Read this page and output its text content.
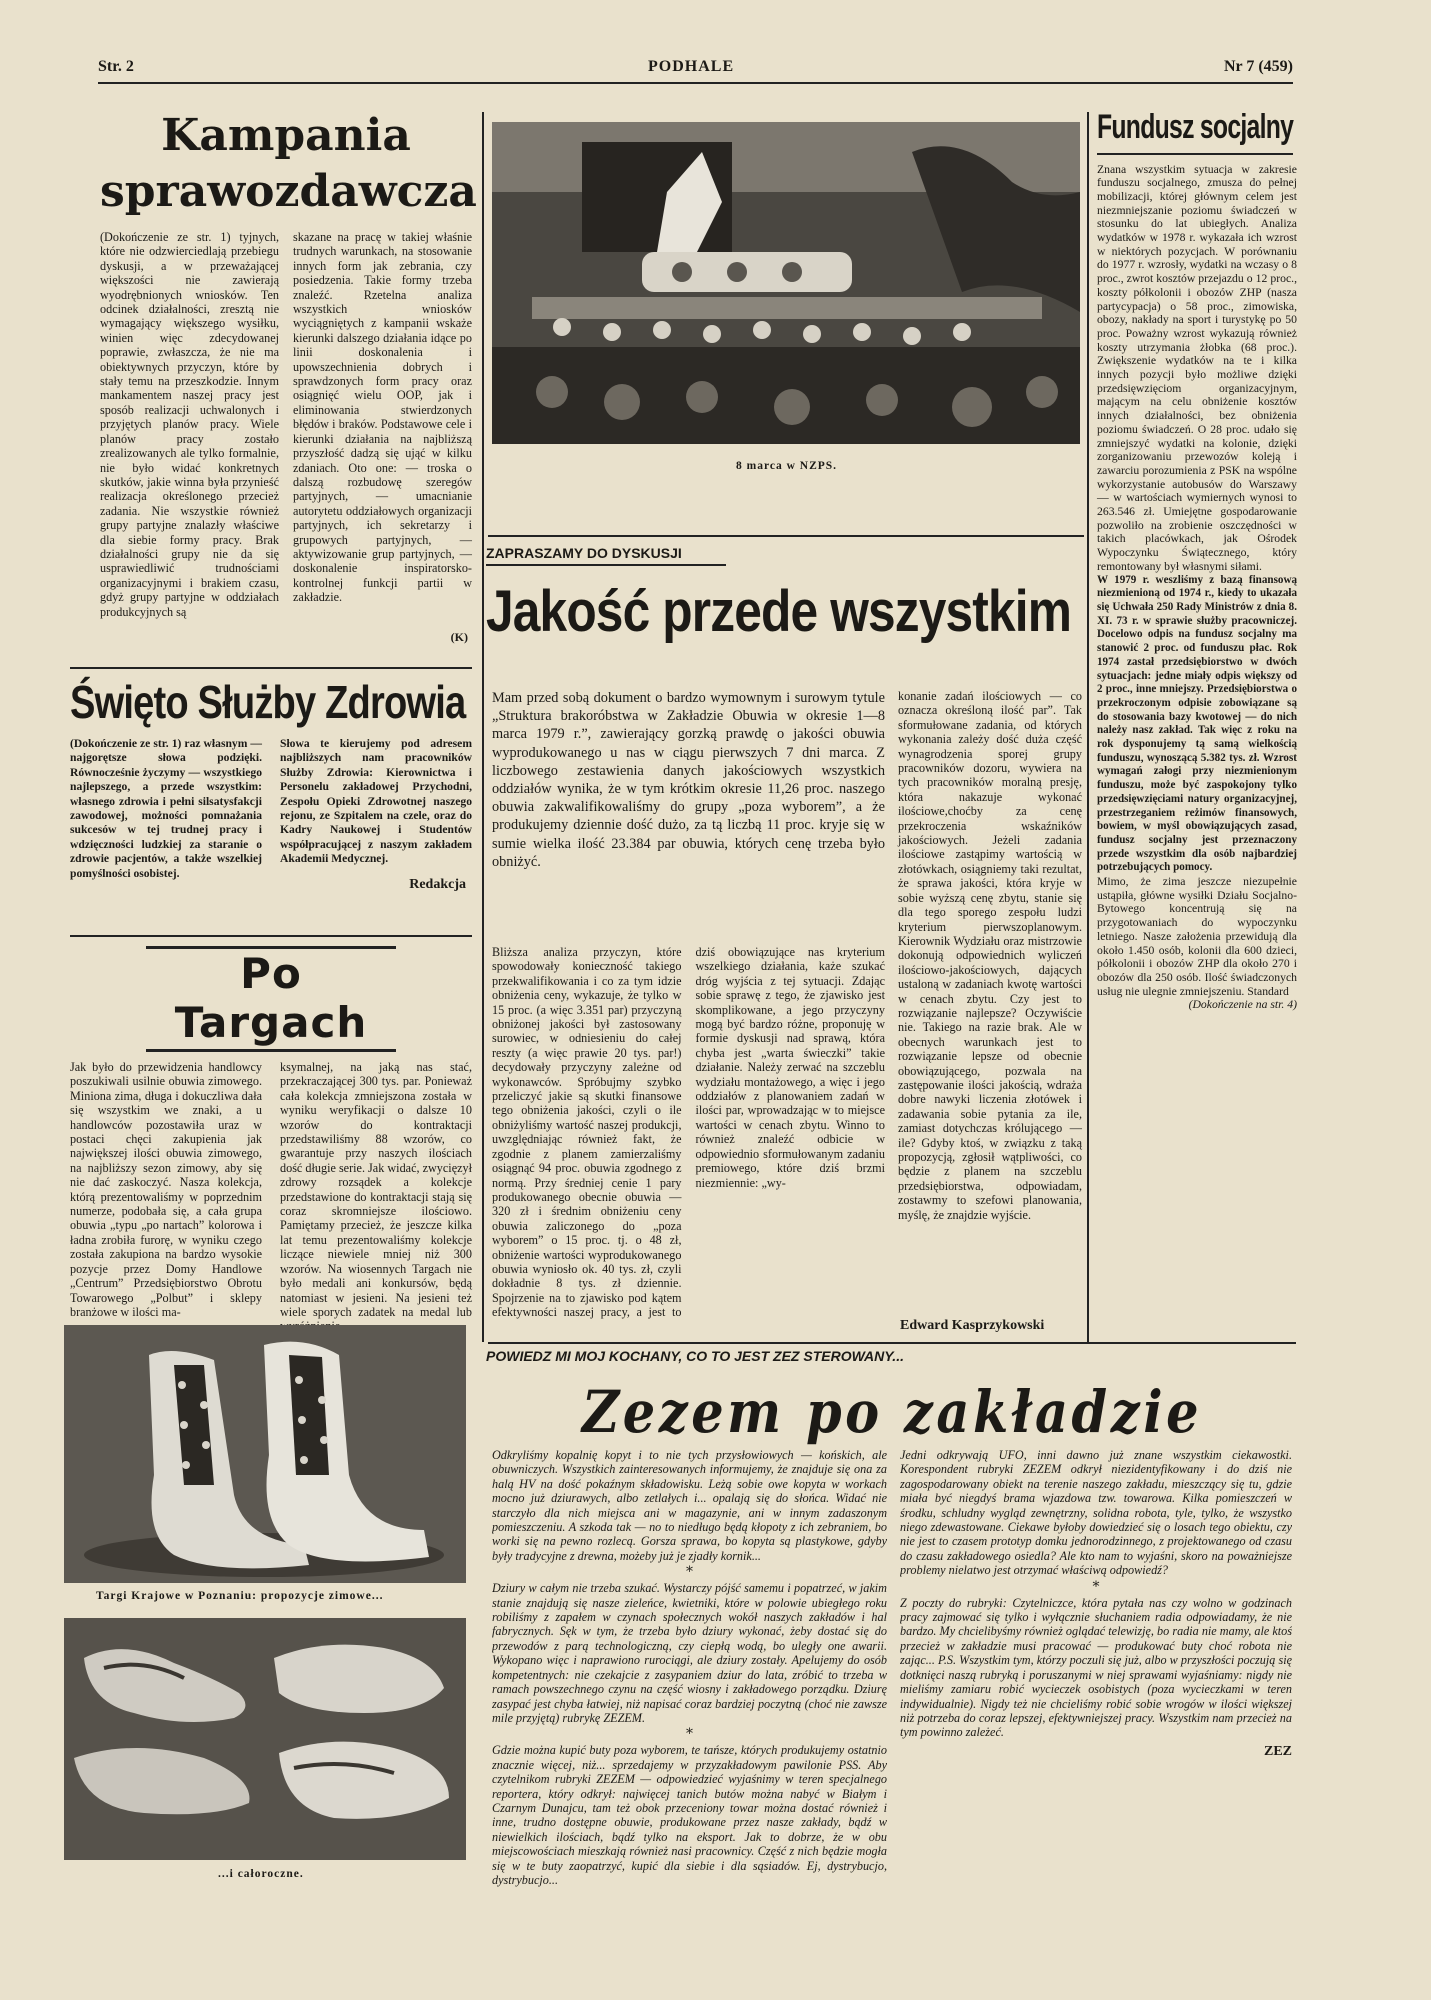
Str. 2	PODHALE	Nr 7 (459)
Kampania
sprawozdawcza
(Dokończenie ze str. 1) tyjnych, które nie odzwierciedlają przebiegu dyskusji, a w przeważającej większości nie zawierają wyodrębnionych wniosków. Ten odcinek działalności, zresztą nie wymagający większego wysiłku, winien więc zdecydowanej poprawie, zwłaszcza, że nie ma obiektywnych przyczyn, które by stały temu na przeszkodzie. Innym mankamentem naszej pracy jest sposób realizacji uchwalonych i przyjętych planów pracy. Wiele planów pracy zostało zrealizowanych ale tylko formalnie, nie było widać konkretnych skutków, jakie winna była przynieść realizacja określonego przecież zadania. Nie wszystkie również grupy partyjne znalazły właściwe dla siebie formy pracy. Brak działalności grupy nie da się usprawiedliwić trudnościami organizacyjnymi i brakiem czasu, gdyż grupy partyjne w oddziałach produkcyjnych są
skazane na pracę w takiej właśnie trudnych warunkach, na stosowanie innych form jak zebrania, czy posiedzenia. Takie formy trzeba znaleźć. Rzetelna analiza wszystkich wniosków wyciągniętych z kampanii wskaże kierunki dalszego działania idące po linii doskonalenia i upowszechnienia dobrych i sprawdzonych form pracy oraz osiągnięć wielu OOP, jak i eliminowania stwierdzonych błędów i braków. Podstawowe cele i kierunki działania na najbliższą przyszłość dadzą się ująć w kilku zdaniach. Oto one: — troska o dalszą rozbudowę szeregów partyjnych, — umacnianie autorytetu oddziałowych organizacji partyjnych, ich sekretarzy i grupowych partyjnych, — aktywizowanie grup partyjnych, — doskonalenie inspiratorsko-kontrolnej funkcji partii w zakładzie.
(K)
Święto Służby Zdrowia
(Dokończenie ze str. 1) raz własnym — najgorętsze słowa podzięki. Równocześnie życzymy — wszystkiego najlepszego, a przede wszystkim: własnego zdrowia i pełni silsatysfakcji zawodowej, możności pomnażania sukcesów w tej trudnej pracy i wdzięczności ludzkiej za staranie o zdrowie pacjentów, a także wszelkiej pomyślności osobistej.
Słowa te kierujemy pod adresem najbliższych nam pracowników Służby Zdrowia: Kierownictwa i Personelu zakładowej Przychodni, Zespołu Opieki Zdrowotnej naszego rejonu, ze Szpitalem na czele, oraz do Kadry Naukowej i Studentów współpracującej z naszym zakładem Akademii Medycznej.
Redakcja
Po Targach
Jak było do przewidzenia handlowcy poszukiwali usilnie obuwia zimowego. Miniona zima, długa i dokuczliwa dała się wszystkim we znaki, a u handlowców pozostawiła uraz w postaci chęci zakupienia jak największej ilości obuwia zimowego, na najbliższy sezon zimowy, aby się nie dać zaskoczyć. Nasza kolekcja, którą prezentowaliśmy w poprzednim numerze, podobała się, a cała grupa obuwia „typu „po nartach” kolorowa i ładna zrobiła furorę, w wyniku czego została zakupiona na bardzo wysokie pozycje przez Domy Handlowe „Centrum” Przedsiębiorstwo Obrotu Towarowego „Polbut” i sklepy branżowe w ilości ma-
ksymalnej, na jaką nas stać, przekraczającej 300 tys. par. Ponieważ cała kolekcja zmniejszona została w wyniku weryfikacji o dalsze 10 wzorów do kontraktacji przedstawiliśmy 88 wzorów, co gwarantuje przy naszych ilościach dość długie serie. Jak widać, zwycięzył zdrowy rozsądek a kolekcje przedstawione do kontraktacji stają się coraz skromniejsze ilościowo. Pamiętamy przecież, że jeszcze kilka lat temu prezentowaliśmy kolekcje liczące niewiele mniej niż 300 wzorów. Na wiosennych Targach nie było medali ani konkursów, będą natomiast w jesieni. Na jesieni też wiele sporych zadatek na medal lub
Targi Krajowe w Poznaniu: propozycje zimowe...
...i całoroczne.
8 marca w NZPS.
ZAPRASZAMY DO DYSKUSJI
Jakość przede wszystkim
Mam przed sobą dokument o bardzo wymownym i surowym tytule „Struktura brakoróbstwa w Zakładzie Obuwia w okresie 1—8 marca 1979 r.”, zawierający gorzką prawdę o jakości obuwia wyprodukowanego u nas w ciągu pierwszych 7 dni marca. Z liczbowego zestawienia danych jakościowych wszystkich oddziałów wynika, że w tym krótkim okresie 11,26 proc. naszego obuwia zakwalifikowaliśmy do grupy „poza wyborem”, a że produkujemy dziennie dość dużo, za tą liczbą 11 proc. kryje się w sumie wielka ilość 23.384 par obuwia, których cenę trzeba było obniżyć.
konanie zadań ilościowych — co oznacza określoną ilość par”. Tak sformułowane zadania, od których wykonania zależy dość duża część wynagrodzenia sporej grupy pracowników dozoru, wywiera na tych pracowników moralną presję, która nakazuje wykonać ilościowe,choćby za cenę przekroczenia wskaźników jakościowych. Jeżeli zadania ilościowe zastąpimy wartością w złotówkach, osiągniemy taki rezultat, że sprawa jakości, która kryje w sobie wyższą cenę zbytu, stanie się dla tego sporego zespołu ludzi kryterium pierwszoplanowym. Kierownik Wydziału oraz mistrzowie dokonują odpowiednich wyliczeń ilościowo-jakościowych, dających ustaloną w zadaniach kwotę wartości w cenach zbytu. Czy jest to rozwiązanie najlepsze? Oczywiście nie. Takiego na razie brak. Ale w obecnych warunkach jest to rozwiązanie lepsze od obecnie obowiązującego, pozwala na zastępowanie ilości jakością, wdraża dobre nawyki liczenia złotówek i zadawania sobie pytania za ile, zamiast dotychczas królującego — ile? Gdyby ktoś, w związku z taką propozycją, zgłosił wątpliwości, co będzie z planem na szczeblu przedsiębiorstwa, odpowiadam, zostawmy to szefowi planowania, myślę, że znajdzie wyjście.
Bliższa analiza przyczyn, które spowodowały konieczność takiego przekwalifikowania i co za tym idzie obniżenia ceny, wykazuje, że tylko w 15 proc. (a więc 3.351 par) przyczyną obniżonej jakości był zastosowany surowiec, w odniesieniu do całej reszty (a więc prawie 20 tys. par!) decydowały przyczyny zależne od wykonawców. Spróbujmy szybko przeliczyć jakie są skutki finansowe tego obniżenia jakości, czyli o ile obniżyliśmy wartość naszej produkcji, uwzględniając również fakt, że zgodnie z planem zamierzaliśmy osiągnąć 94 proc. obuwia zgodnego z normą. Przy średniej cenie 1 pary produkowanego obecnie obuwia — 320 zł i średnim obniżeniu ceny obuwia zaliczonego do „poza wyborem” o 15 proc. tj. o 48 zł, obniżenie wartości wyprodukowanego obuwia wyniosło ok. 40 tys. zł, czyli dokładnie 8 tys. zł dziennie. Spojrzenie na to zjawisko pod kątem efektywności naszej pracy, a jest to dziś obowiązujące nas kryterium wszelkiego działania, każe szukać dróg wyjścia z tej sytuacji. Zdając sobie sprawę z tego, że zjawisko jest skomplikowane, a jego przyczyny mogą być bardzo różne, proponuję w formie dyskusji nad sprawą, która chyba jest „warta świeczki” takie działanie. Należy zerwać na szczeblu wydziału montażowego, a więc i jego oddziałów z planowaniem zadań w ilości par, wprowadzając w to miejsce wartości w cenach zbytu. Winno to również znaleźć odbicie w odpowiednio sformułowanym zadaniu premiowego, które dziś brzmi niezmiennie: „wy-
Edward Kasprzykowski
Fundusz socjalny
Znana wszystkim sytuacja w zakresie funduszu socjalnego, zmusza do pełnej mobilizacji, której głównym celem jest niezmniejszanie poziomu świadczeń w stosunku do lat ubiegłych. Analiza wydatków w 1978 r. wykazała ich wzrost w niektórych pozycjach. W porównaniu do 1977 r. wzrosły, wydatki na wczasy o 8 proc., zwrot kosztów przejazdu o 12 proc., koszty półkolonii i obozów ZHP (nasza partycypacja) o 58 proc., zimowiska, obozy, nakłady na sport i turystykę po 50 proc. Poważny wzrost wykazują również koszty utrzymania żłobka (68 proc.). Zwiększenie wydatków na te i kilka innych pozycji było możliwe dzięki przedsięwzięciom organizacyjnym, mającym na celu obniżenie kosztów innych działalności, bez obniżenia poziomu świadczeń. O 28 proc. udało się zmniejszyć wydatki na kolonie, dzięki zorganizowaniu przewozów koleją i zawarciu porozumienia z PSK na wspólne wykorzystanie autobusów do Warszawy — w wartościach wymiernych wynosi to 263.546 zł. Umiejętne gospodarowanie pozwoliło na zrobienie oszczędności w takich placówkach, jak Ośrodek Wypoczynku Świątecznego, który remontowany był własnymi siłami.
W 1979 r. weszliśmy z bazą finansową niezmienioną od 1974 r., kiedy to ukazała się Uchwała 250 Rady Ministrów z dnia 8. XI. 73 r. w sprawie służby pracowniczej. Docelowo odpis na fundusz socjalny ma stanowić 2 proc. od funduszu płac. Rok 1974 zastał przedsiębiorstwo w dwóch sytuacjach: jedne miały odpis większy od 2 proc., inne mniejszy. Przedsiębiorstwa o przekroczonym odpisie zobowiązane są do stosowania bazy kwotowej — do nich należy nasz zakład. Tak więc z roku na rok dysponujemy tą samą wielkością funduszu, wynoszącą 5.382 tys. zł. Wzrost wymagań załogi przy niezmienionym funduszu, może być zaspokojony tylko przedsięwzięciami natury organizacyjnej, przestrzeganiem reżimów finansowych, bowiem, w myśl obowiązujących zasad, fundusz socjalny jest przeznaczony przede wszystkim dla osób najbardziej potrzebujących pomocy.
Mimo, że zima jeszcze niezupełnie ustąpiła, główne wysiłki Działu Socjalno-Bytowego koncentrują się na przygotowaniach do wypoczynku letniego. Nasze założenia przewidują dla około 1.450 osób, kolonii dla 600 dzieci, półkolonii i obozów ZHP dla około 270 i obozów dla 250 osób. Ilość świadczonych usług nie ulegnie zmniejszeniu. Standard
(Dokończenie na str. 4)
POWIEDZ MI MOJ KOCHANY, CO TO JEST ZEZ STEROWANY...
Zezem po zakładzie
Odkryliśmy kopalnię kopyt i to nie tych przysłowiowych — końskich, ale obuwniczych. Wszystkich zainteresowanych informujemy, że znajduje się ona za halą HV na dość pokaźnym składowisku. Leżą sobie owe kopyta w workach mocno już dziurawych, albo zetlałych i... opalają się do słońca. Widać nie starczyło dla nich miejsca ani w magazynie, ani w innym zadaszonym pomieszczeniu. A szkoda tak — no to niedługo będą kłopoty z ich zebraniem, bo worki się na pewno rozlecą. Gorsza sprawa, bo kopyta są plastykowe, gdyby były tradycyjne z drewna, możeby już je zjadły kornik...
*
Dziury w całym nie trzeba szukać. Wystarczy pójść samemu i popatrzeć, w jakim stanie znajdują się nasze zieleńce, kwietniki, które w polowie ubiegłego roku robiliśmy z zapałem w czynach społecznych wokół naszych zakładów i hal fabrycznych. Sęk w tym, że trzeba było dziury wykonać, żeby dostać się do przewodów z parą technologiczną, czy ciepłą wodą, bo uległy one awarii. Wykopano więc i naprawiono rurociągi, ale dziury zostały. Apelujemy do osób kompetentnych: nie czekajcie z zasypaniem dziur do lata, zróbić to trzeba w ramach powszechnego czynu na część wiosny i zakładowego porządku. Dziurę zasypać jest chyba łatwiej, niż napisać coraz bardziej poczytną (choć nie zawsze mile przyjętą) rubrykę ZEZEM.
*
Gdzie można kupić buty poza wyborem, te tańsze, których produkujemy ostatnio znacznie więcej, niż... sprzedajemy w przyzakładowym pawilonie PSS. Aby czytelnikom rubryki ZEZEM — odpowiedzieć wyjaśnimy w teren specjalnego reportera, który odkrył: najwięcej tanich butów można nabyć w Białym i Czarnym Dunajcu, tam też obok przeceniony towar można dostać również i inne, trudno dostępne obuwie, produkowane przez nasze zakłady, bądź w niewielkich ilościach, bądź tylko na eksport. Jak to dobrze, że w obu miejscowościach mieszkają również nasi pracownicy. Część z nich będzie mogła się w te buty zaopatrzyć, kupić dla siebie i dla sąsiadów. Ej, dystrybucjo, dystrybucjo...
Jedni odkrywają UFO, inni dawno już znane wszystkim ciekawostki. Korespondent rubryki ZEZEM odkrył niezidentyfikowany i do dziś nie zagospodarowany obiekt na terenie naszego zakładu, mieszczący się tu, gdzie miała być niegdyś brama wjazdowa tzw. towarowa. Kilka pomieszczeń w środku, schludny wygląd zewnętrzny, solidna robota, tyle, tylko, że wszystko niego zdewastowane. Ciekawe byłoby dowiedzieć się o losach tego obiektu, czy nie jest to czasem prototyp domku jednorodzinnego, z projektowanego od czasu do czasu zakładowego osiedla? Ale kto nam to wyjaśni, skoro na poważniejsze problemy nielatwo jest otrzymać właściwą odpowiedź?
*
Z poczty do rubryki: Czytelniczce, która pytała nas czy wolno w godzinach pracy zajmować się tylko i wyłącznie słuchaniem radia odpowiadamy, że nie bardzo. My chcielibyśmy również oglądać telewizję, bo radia nie mamy, ale ktoś przecież w zakładzie musi pracować — produkować buty choć robota nie zając... P.S. Wszystkim tym, którzy poczuli się już, albo w przyszłości poczują się dotknięci naszą rubryką i poruszanymi w niej sprawami wyjaśniamy: nigdy nie mieliśmy zamiaru robić wycieczek osobistych (poza wycieczkami w teren indywidualnie). Nigdy też nie chcieliśmy robić sobie wrogów w ilości większej niż potrzeba do coraz lepszej, efektywniejszej pracy. Wszystkim nam przecież na tym powinno zależeć.
ZEZ
